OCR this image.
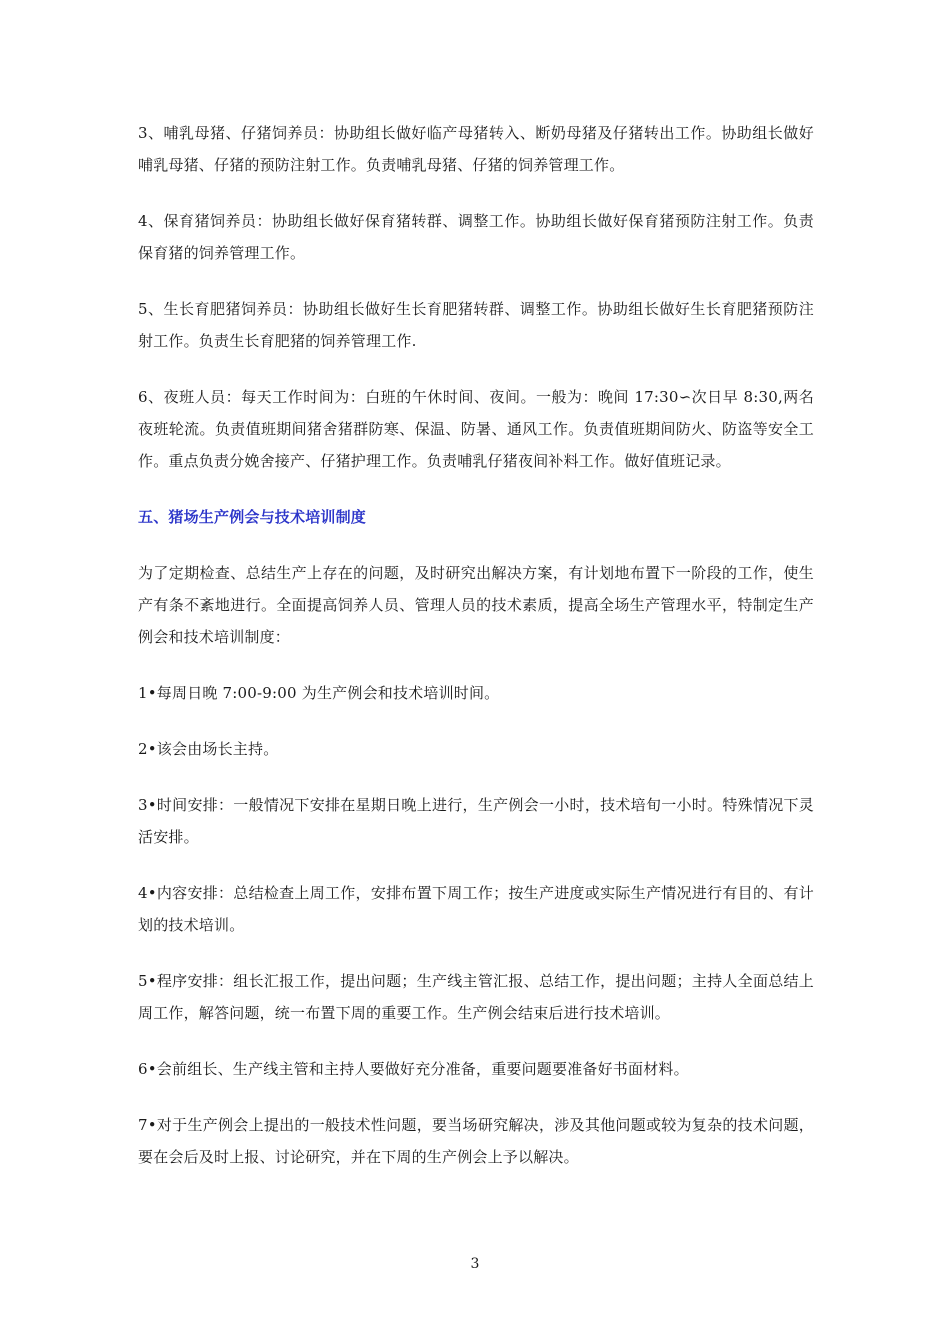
3、哺乳母猪、仔猪饲养员：协助组长做好临产母猪转入、断奶母猪及仔猪转出工作。协助组长做好哺乳母猪、仔猪的预防注射工作。负责哺乳母猪、仔猪的饲养管理工作。

4、保育猪饲养员：协助组长做好保育猪转群、调整工作。协助组长做好保育猪预防注射工作。负责保育猪的饲养管理工作。

5、生长育肥猪饲养员：协助组长做好生长育肥猪转群、调整工作。协助组长做好生长育肥猪预防注射工作。负责生长育肥猪的饲养管理工作.

6、夜班人员：每天工作时间为：白班的午休时间、夜间。一般为：晚间 17:30∽次日早 8:30,两名夜班轮流。负责值班期间猪舍猪群防寒、保温、防暑、通风工作。负责值班期间防火、防盗等安全工作。重点负责分娩舍接产、仔猪护理工作。负责哺乳仔猪夜间补料工作。做好值班记录。

五、猪场生产例会与技术培训制度

为了定期检查、总结生产上存在的问题，及时研究出解决方案，有计划地布置下一阶段的工作，使生产有条不紊地进行。全面提高饲养人员、管理人员的技术素质，提高全场生产管理水平，特制定生产例会和技术培训制度：

1•每周日晚 7:00-9:00 为生产例会和技术培训时间。

2•该会由场长主持。

3•时间安排：一般情况下安排在星期日晚上进行，生产例会一小时，技术培旬一小时。特殊情况下灵活安排。

4•内容安排：总结检查上周工作，安排布置下周工作；按生产进度或实际生产情况进行有目的、有计划的技术培训。

5•程序安排：组长汇报工作，提出问题；生产线主管汇报、总结工作，提出问题；主持人全面总结上周工作，解答问题，统一布置下周的重要工作。生产例会结束后进行技术培训。

6•会前组长、生产线主管和主持人要做好充分准备，重要问题要准备好书面材料。

7•对于生产例会上提出的一般技术性问题，要当场研究解决，涉及其他问题或较为复杂的技术问题，要在会后及时上报、讨论研究，并在下周的生产例会上予以解决。

3
